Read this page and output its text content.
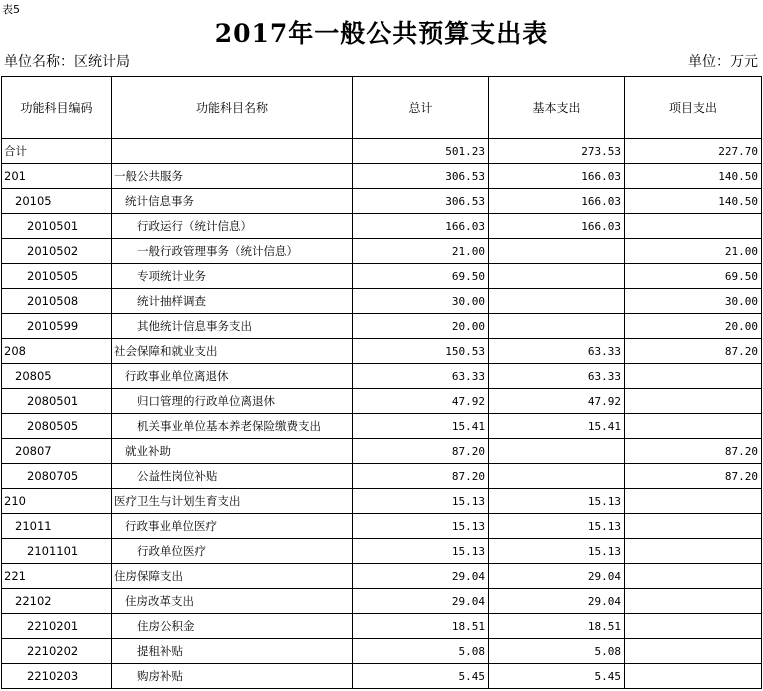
表5
2017年一般公共预算支出表
单位名称：区统计局	单位：万元
功能科目编码	功能科目名称	总计	基本支出	项目支出
合计		501.23	273.53	227.70
201	一般公共服务	306.53	166.03	140.50
20105	统计信息事务	306.53	166.03	140.50
2010501	行政运行（统计信息）	166.03	166.03	
2010502	一般行政管理事务（统计信息）	21.00		21.00
2010505	专项统计业务	69.50		69.50
2010508	统计抽样调查	30.00		30.00
2010599	其他统计信息事务支出	20.00		20.00
208	社会保障和就业支出	150.53	63.33	87.20
20805	行政事业单位离退休	63.33	63.33	
2080501	归口管理的行政单位离退休	47.92	47.92	
2080505	机关事业单位基本养老保险缴费支出	15.41	15.41	
20807	就业补助	87.20		87.20
2080705	公益性岗位补贴	87.20		87.20
210	医疗卫生与计划生育支出	15.13	15.13	
21011	行政事业单位医疗	15.13	15.13	
2101101	行政单位医疗	15.13	15.13	
221	住房保障支出	29.04	29.04	
22102	住房改革支出	29.04	29.04	
2210201	住房公积金	18.51	18.51	
2210202	提租补贴	5.08	5.08	
2210203	购房补贴	5.45	5.45	
